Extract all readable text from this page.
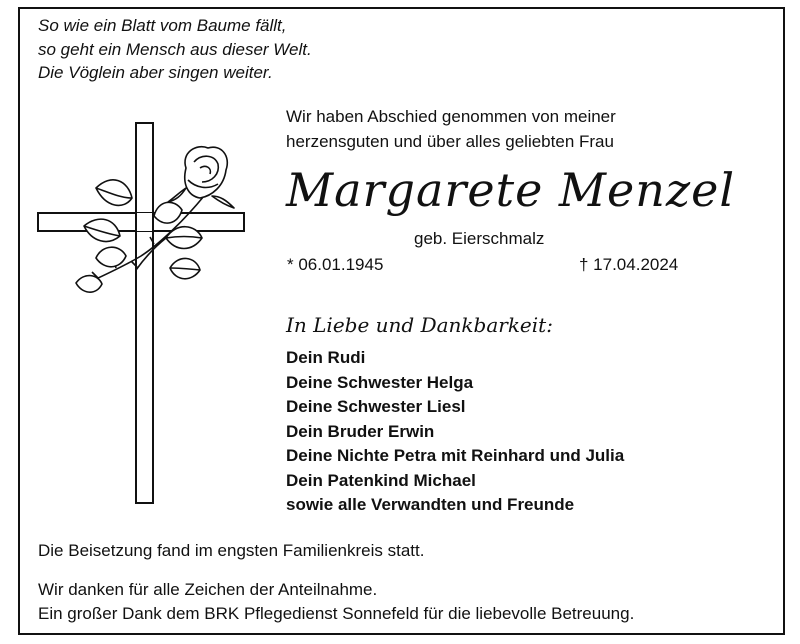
So wie ein Blatt vom Baume fällt,
so geht ein Mensch aus dieser Welt.
Die Vöglein aber singen weiter.
Wir haben Abschied genommen von meiner
herzensguten und über alles geliebten Frau
Margarete Menzel
geb. Eierschmalz
* 06.01.1945	† 17.04.2024
In Liebe und Dankbarkeit:
Dein Rudi
Deine Schwester Helga
Deine Schwester Liesl
Dein Bruder Erwin
Deine Nichte Petra mit Reinhard und Julia
Dein Patenkind Michael
sowie alle Verwandten und Freunde
Die Beisetzung fand im engsten Familienkreis statt.
Wir danken für alle Zeichen der Anteilnahme.
Ein großer Dank dem BRK Pflegedienst Sonnefeld für die liebevolle Betreuung.
